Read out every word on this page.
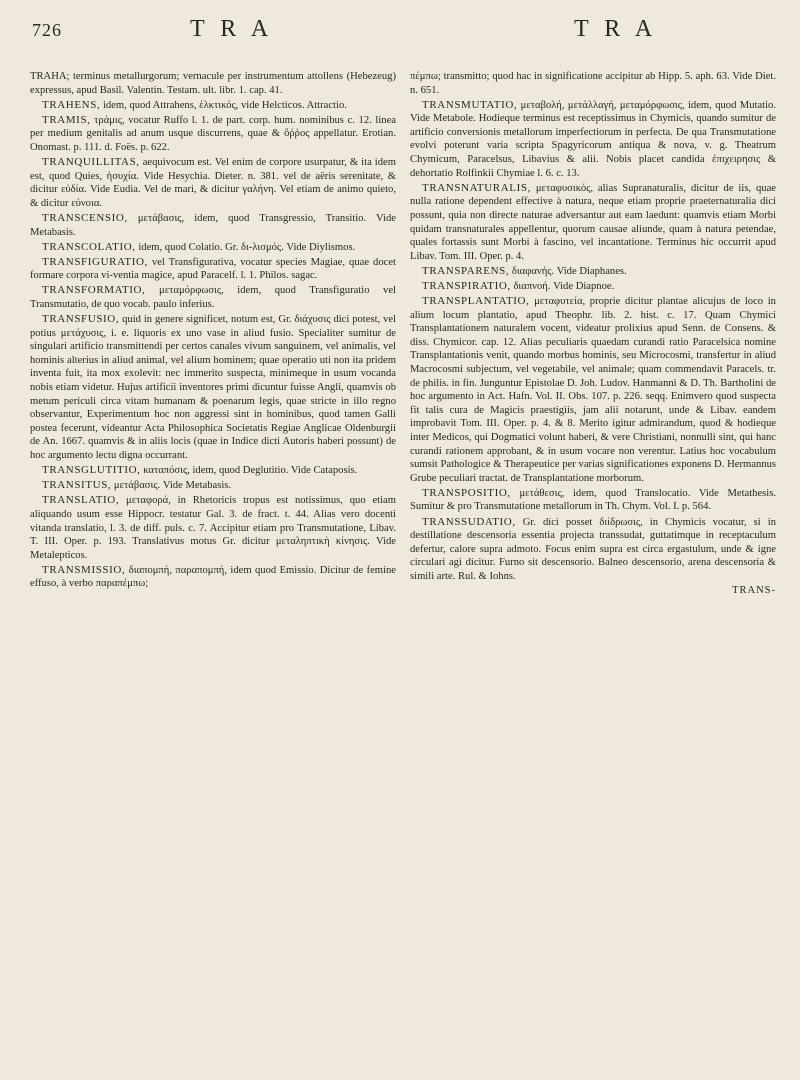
726	T R A	T R A

TRAHA; terminus metallurgorum; vernacule per instrumentum attollens (Hebezeug) expressus, apud Basil. Valentin. Testam. ult. libr. 1. cap. 41.

TRAHENS, idem, quod Attrahens, ἑλκτικός, vide Helcticos. Attractio.

TRAMIS, τράμις, vocatur Ruffo l. 1. de part. corp. hum. nominibus c. 12. linea per medium genitalis ad anum usque discurrens, quae & ὄῤῥος appellatur. Erotian. Onomast. p. 111. d. Foës. p. 622.

TRANQUILLITAS, aequivocum est. Vel enim de corpore usurpatur, & ita idem est, quod Quies, ἡσυχία. Vide Hesychia. Dieter. n. 381. vel de aëris serenitate, & dicitur εὐδία. Vide Eudia. Vel de mari, & dicitur γαλήνη. Vel etiam de animo quieto, & dicitur εὐνοια.

TRANSCENSIO, μετάβασις, idem, quod Transgressio, Transitio. Vide Metabasis.

TRANSCOLATIO, idem, quod Colatio. Gr. δι-λισμός. Vide Diylismos.

TRANSFIGURATIO, vel Transfigurativa, vocatur species Magiae, quae docet formare corpora vi-ventia magice, apud Paracelf. l. 1. Philos. sagac.

TRANSFORMATIO, μεταμόρφωσις, idem, quod Transfiguratio vel Transmutatio, de quo vocab. paulo inferius.

TRANSFUSIO, quid in genere significet, notum est, Gr. διάχυσις dici potest, vel potius μετάχυσις, i. e. liquoris ex uno vase in aliud fusio. Specialiter sumitur de singulari artificio transmittendi per certos canales vivum sanguinem, vel animalis, vel hominis alterius in aliud animal, vel alium hominem; quae operatio uti non ita pridem inventa fuit, ita mox exolevit: nec immerito suspecta, minimeque in usum vocanda nobis etiam videtur. Hujus artificii inventores primi dicuntur fuisse Angli, quamvis ob metum periculi circa vitam humanam & poenarum legis, quae stricte in illo regno observantur, Experimentum hoc non aggressi sint in hominibus, quod tamen Galli postea fecerunt, videantur Acta Philosophica Societatis Regiae Anglicae Oldenburgii de An. 1667. quamvis & in aliis locis (quae in Indice dicti Autoris haberi possunt) de hoc argumento lectu digna occurrant.

TRANSGLUTITIO, καταπόσις, idem, quod Deglutitio. Vide Cataposis.

TRANSITUS, μετάβασις. Vide Metabasis.

TRANSLATIO, μεταφορά, in Rhetoricis tropus est notissimus, quo etiam aliquando usum esse Hippocr. testatur Gal. 3. de fract. t. 44. Alias vero docenti vitanda translatio, l. 3. de diff. puls. c. 7. Accipitur etiam pro Transmutatione, Libav. T. III. Oper. p. 193. Translativus motus Gr. dicitur μεταληπτικὴ κίνησις. Vide Metalepticos.

TRANSMISSIO, διαπομπή, παραπομπή, idem quod Emissio. Dicitur de femine effuso, à verbo παραπέμπω;

πέμπω; transmitto; quod hac in significatione accipitur ab Hipp. 5. aph. 63. Vide Diet. n. 651.

TRANSMUTATIO, μεταβολή, μετάλλαγή, μεταμόρφωσις, idem, quod Mutatio. Vide Metabole. Hodieque terminus est receptissimus in Chymicis, quando sumitur de artificio conversionis metallorum imperfectiorum in perfecta. De qua Transmutatione evolvi poterunt varia scripta Spagyricorum antiqua & nova, v. g. Theatrum Chymicum, Paracelsus, Libavius & alii. Nobis placet candida ἐπιχειρησις & dehortatio Rolfinkii Chymiae l. 6. c. 13.

TRANSNATURALIS, μεταφυσικός, alias Supranaturalis, dicitur de iis, quae nulla ratione dependent effective à natura, neque etiam proprie praeternaturalia dici possunt, quia non directe naturae adversantur aut eam laedunt: quamvis etiam Morbi quidam transnaturales appellentur, quorum causae aliunde, quam à natura petendae, quales fortassis sunt Morbi à fascino, vel incantatione. Terminus hic occurrit apud Libav. Tom. III. Oper. p. 4.

TRANSPARENS, διαφανής. Vide Diaphanes.

TRANSPIRATIO, διαπνοή. Vide Diapnoe.

TRANSPLANTATIO, μεταφυτεία, proprie dicitur plantae alicujus de loco in alium locum plantatio, apud Theophr. lib. 2. hist. c. 17. Quam Chymici Transplantationem naturalem vocent, videatur prolixius apud Senn. de Consens. & diss. Chymicor. cap. 12. Alias peculiaris quaedam curandi ratio Paracelsica nomine Transplantationis venit, quando morbus hominis, seu Microcosmi, transfertur in aliud Macrocosmi subjectum, vel vegetabile, vel animale; quam commendavit Paracels. tr. de philis. in fin. Junguntur Epistolae D. Joh. Ludov. Hanmanni & D. Th. Bartholini de hoc argumento in Act. Hafn. Vol. II. Obs. 107. p. 226. seqq. Enimvero quod suspecta fit talis cura de Magicis praestigiis, jam alii notarunt, unde & Libav. eandem improbavit Tom. III. Oper. p. 4. & 8. Merito igitur admirandum, quod & hodieque inter Medicos, qui Dogmatici volunt haberi, & vere Christiani, nonnulli sint, qui hanc curandi rationem approbant, & in usum vocare non verentur. Latius hoc vocabulum sumsit Pathologice & Therapeutice per varias significationes exponens D. Hermannus Grube peculiari tractat. de Transplantatione morborum.

TRANSPOSITIO, μετάθεσις, idem, quod Translocatio. Vide Metathesis. Sumitur & pro Transmutatione metallorum in Th. Chym. Vol. I. p. 564.

TRANSSUDATIO, Gr. dici posset διίδρωσις, in Chymicis vocatur, si in destillatione descensoria essentia projecta transsudat, guttatimque in receptaculum defertur, calore supra admoto. Focus enim supra est circa ergastulum, unde & igne circulari agi dicitur. Furno sit descensorio. Balneo descensorio, arena descensoria & simili arte. Rul. & Iohns.

TRANS-
